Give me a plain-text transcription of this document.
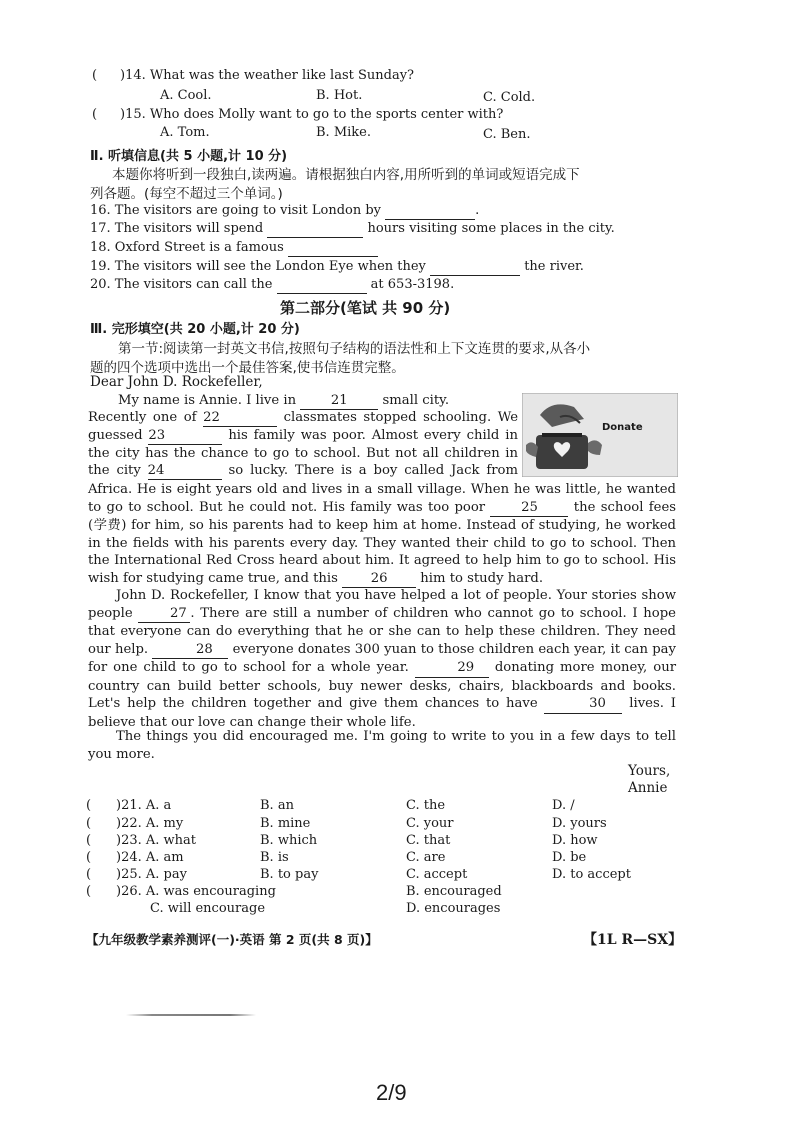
( )14. What was the weather like last Sunday?
A. Cool.	B. Hot.	C. Cold.
( )15. Who does Molly want to go to the sports center with?
A. Tom.	B. Mike.	C. Ben.
Ⅱ. 听填信息(共 5 小题,计 10 分)
本题你将听到一段独白,读两遍。请根据独白内容,用所听到的单词或短语完成下
列各题。(每空不超过三个单词。)
16. The visitors are going to visit London by	.
17. The visitors will spend	hours visiting some places in the city.
18. Oxford Street is a famous
19. The visitors will see the London Eye when they	the river.
20. The visitors can call the	at 653-3198.
第二部分(笔试 共 90 分)
Ⅲ. 完形填空(共 20 小题,计 20 分)
第一节:阅读第一封英文书信,按照句子结构的语法性和上下文连贯的要求,从各小
题的四个选项中选出一个最佳答案,使书信连贯完整。
Dear John D. Rockefeller,
Donate
My name is Annie. I live in	21	small city.
Recently one of 22	classmates stopped schooling. We
guessed 23	his family was poor. Almost every child in
the city has the chance to go to school. But not all children in
the city 24	so lucky. There is a boy called Jack from

Africa. He is eight years old and lives in a small village. When he was little, he wanted to go to school. But he could not. His family was too poor	25	the school fees (学费) for him, so his parents had to keep him at home. Instead of studying, he worked in the fields with his parents every day. They wanted their child to go to school. Then the International Red Cross heard about him. It agreed to help him to go to school. His wish for studying came true, and this 26 him to study hard.

John D. Rockefeller, I know that you have helped a lot of people. Your stories show people	27 . There are still a number of children who cannot go to school. I hope that everyone can do everything that he or she can to help these children. They need our help.	28 everyone donates 300 yuan to those children each year, it can pay for one child to go to school for a whole year.	29 donating more money, our country can build better schools, buy newer desks, chairs, blackboards and books. Let's help the children together and give them chances to have	30 lives. I believe that our love can change their whole life.

The things you did encouraged me. I'm going to write to you in a few days to tell you more.

Yours,
Annie
( )21. A. a	B. an	C. the	D. /
( )22. A. my	B. mine	C. your	D. yours
( )23. A. what	B. which	C. that	D. how
( )24. A. am	B. is	C. are	D. be
( )25. A. pay	B. to pay	C. accept	D. to accept
( )26. A. was encouraging	B. encouraged
C. will encourage	D. encourages
【九年级教学素养测评(一)·英语 第 2 页(共 8 页)】	【1L R—SX】
2/9
